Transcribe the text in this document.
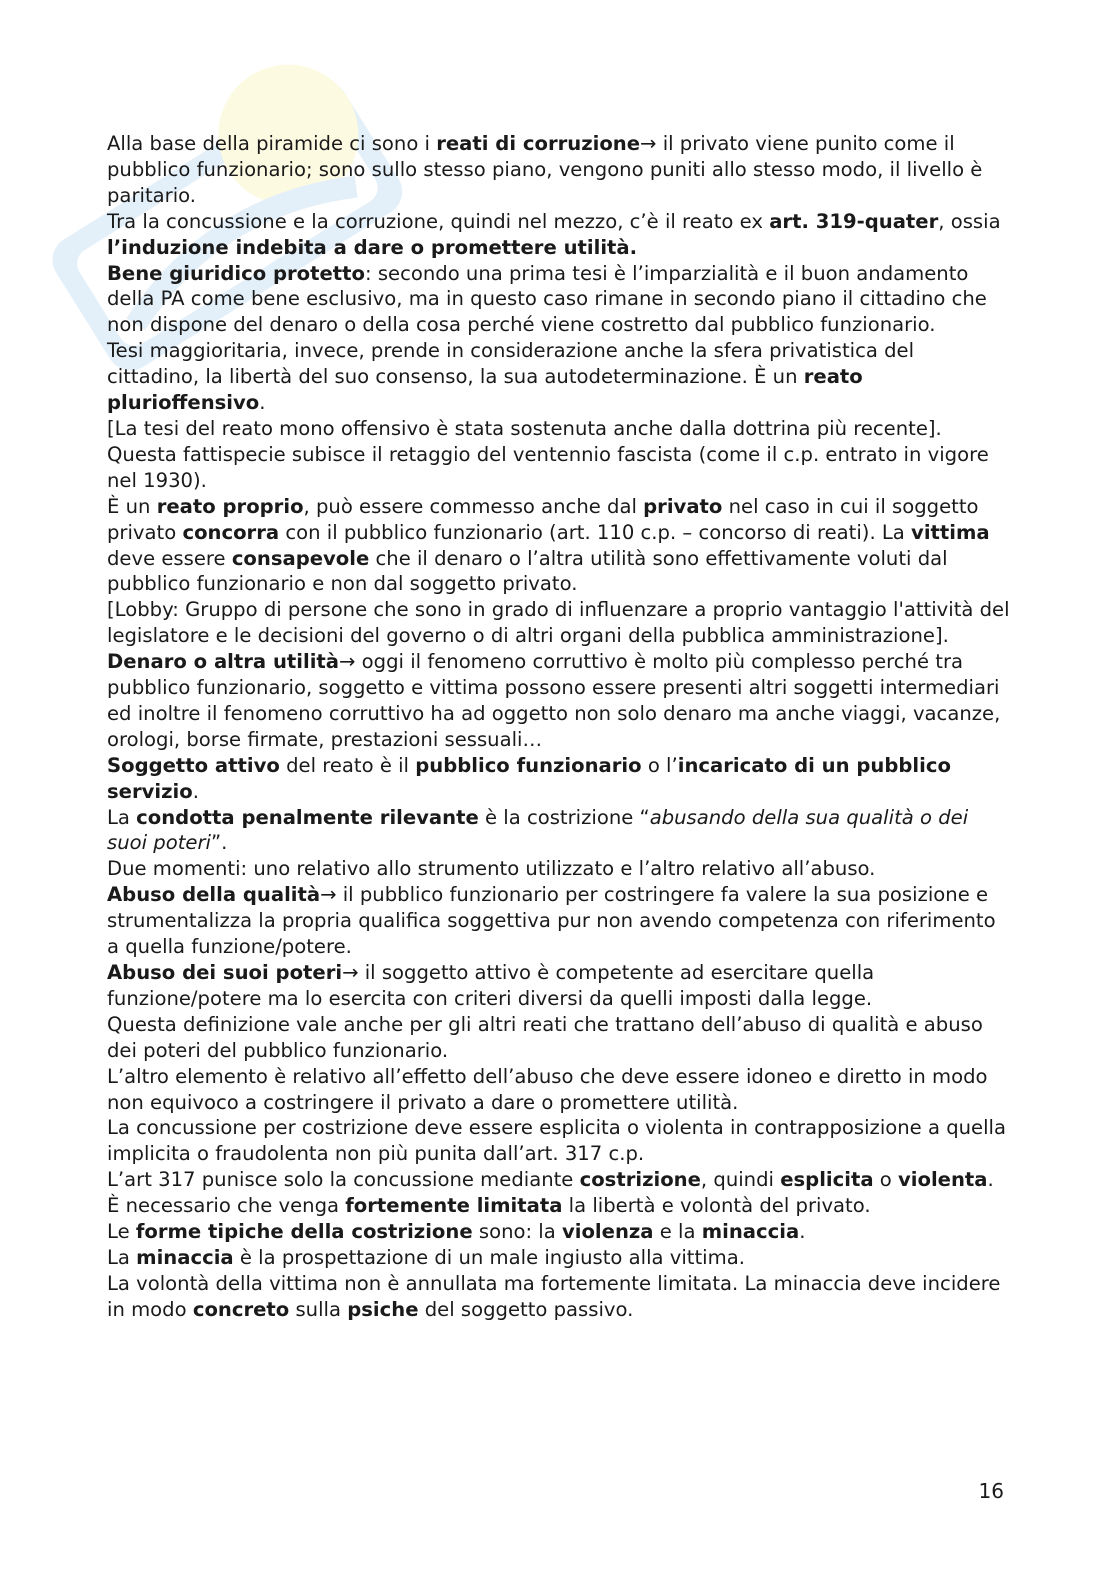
Alla base della piramide ci sono i reati di corruzione→ il privato viene punito come il pubblico funzionario; sono sullo stesso piano, vengono puniti allo stesso modo, il livello è paritario.

Tra la concussione e la corruzione, quindi nel mezzo, c’è il reato ex art. 319-quater, ossia l’induzione indebita a dare o promettere utilità.

Bene giuridico protetto: secondo una prima tesi è l’imparzialità e il buon andamento della PA come bene esclusivo, ma in questo caso rimane in secondo piano il cittadino che non dispone del denaro o della cosa perché viene costretto dal pubblico funzionario.

Tesi maggioritaria, invece, prende in considerazione anche la sfera privatistica del cittadino, la libertà del suo consenso, la sua autodeterminazione. È un reato plurioffensivo.

[La tesi del reato mono offensivo è stata sostenuta anche dalla dottrina più recente].

Questa fattispecie subisce il retaggio del ventennio fascista (come il c.p. entrato in vigore nel 1930).

È un reato proprio, può essere commesso anche dal privato nel caso in cui il soggetto privato concorra con il pubblico funzionario (art. 110 c.p. – concorso di reati). La vittima deve essere consapevole che il denaro o l’altra utilità sono effettivamente voluti dal pubblico funzionario e non dal soggetto privato.

[Lobby: Gruppo di persone che sono in grado di influenzare a proprio vantaggio l'attività del legislatore e le decisioni del governo o di altri organi della pubblica amministrazione].

Denaro o altra utilità→ oggi il fenomeno corruttivo è molto più complesso perché tra pubblico funzionario, soggetto e vittima possono essere presenti altri soggetti intermediari ed inoltre il fenomeno corruttivo ha ad oggetto non solo denaro ma anche viaggi, vacanze, orologi, borse firmate, prestazioni sessuali…

Soggetto attivo del reato è il pubblico funzionario o l’incaricato di un pubblico servizio.

La condotta penalmente rilevante è la costrizione “abusando della sua qualità o dei suoi poteri”.

Due momenti: uno relativo allo strumento utilizzato e l’altro relativo all’abuso.

Abuso della qualità→ il pubblico funzionario per costringere fa valere la sua posizione e strumentalizza la propria qualifica soggettiva pur non avendo competenza con riferimento a quella funzione/potere.

Abuso dei suoi poteri→ il soggetto attivo è competente ad esercitare quella funzione/potere ma lo esercita con criteri diversi da quelli imposti dalla legge.

Questa definizione vale anche per gli altri reati che trattano dell’abuso di qualità e abuso dei poteri del pubblico funzionario.

L’altro elemento è relativo all’effetto dell’abuso che deve essere idoneo e diretto in modo non equivoco a costringere il privato a dare o promettere utilità.

La concussione per costrizione deve essere esplicita o violenta in contrapposizione a quella implicita o fraudolenta non più punita dall’art. 317 c.p.

L’art 317 punisce solo la concussione mediante costrizione, quindi esplicita o violenta.

È necessario che venga fortemente limitata la libertà e volontà del privato.

Le forme tipiche della costrizione sono: la violenza e la minaccia.

La minaccia è la prospettazione di un male ingiusto alla vittima.

La volontà della vittima non è annullata ma fortemente limitata. La minaccia deve incidere in modo concreto sulla psiche del soggetto passivo.

16
